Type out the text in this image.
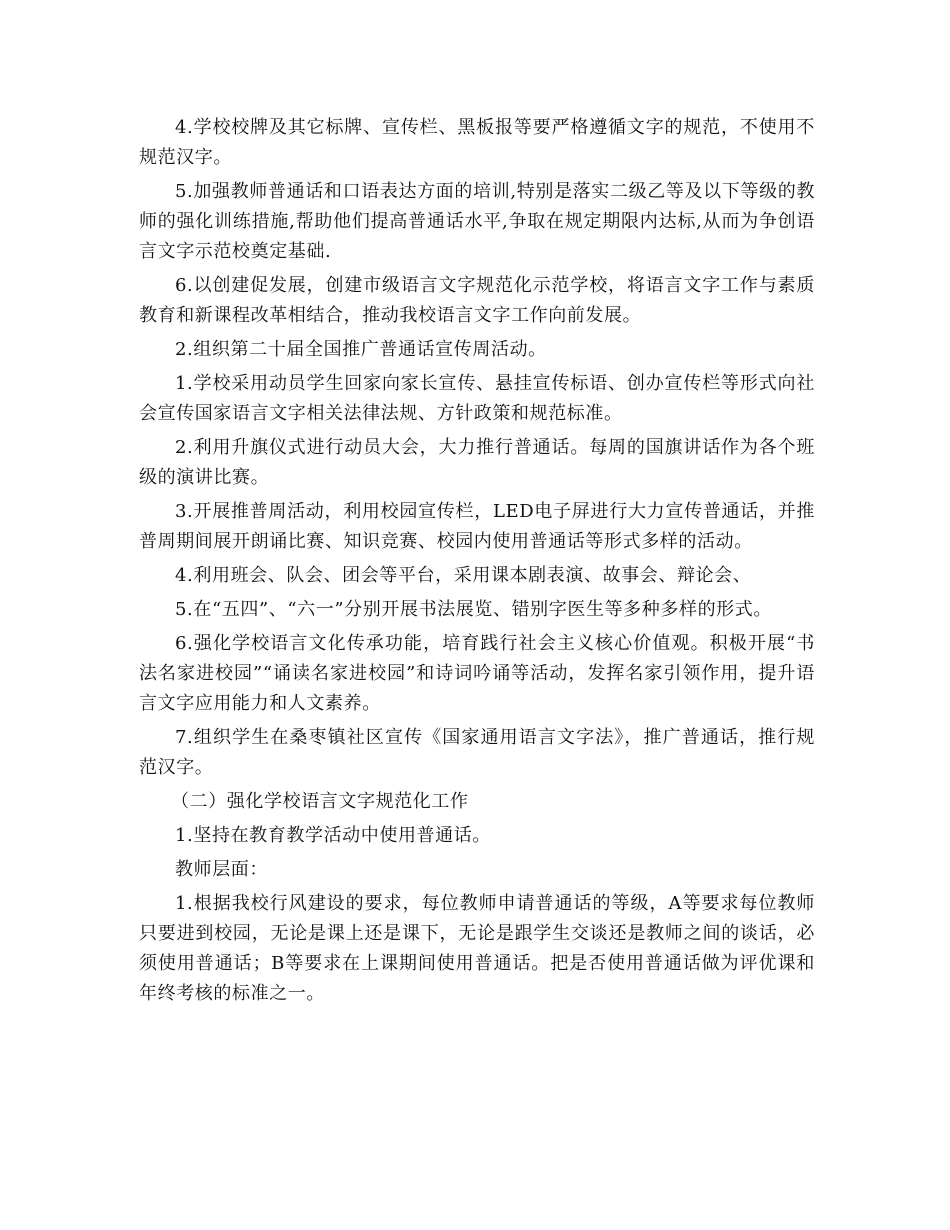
4.学校校牌及其它标牌、宣传栏、黑板报等要严格遵循文字的规范，不使用不规范汉字。

5.加强教师普通话和口语表达方面的培训,特别是落实二级乙等及以下等级的教师的强化训练措施,帮助他们提高普通话水平,争取在规定期限内达标,从而为争创语言文字示范校奠定基础.

6.以创建促发展，创建市级语言文字规范化示范学校，将语言文字工作与素质教育和新课程改革相结合，推动我校语言文字工作向前发展。

2.组织第二十届全国推广普通话宣传周活动。

1.学校采用动员学生回家向家长宣传、悬挂宣传标语、创办宣传栏等形式向社会宣传国家语言文字相关法律法规、方针政策和规范标准。

2.利用升旗仪式进行动员大会，大力推行普通话。每周的国旗讲话作为各个班级的演讲比赛。

3.开展推普周活动，利用校园宣传栏，LED电子屏进行大力宣传普通话，并推普周期间展开朗诵比赛、知识竞赛、校园内使用普通话等形式多样的活动。

4.利用班会、队会、团会等平台，采用课本剧表演、故事会、辩论会、

5.在“五四”、“六一”分别开展书法展览、错别字医生等多种多样的形式。

6.强化学校语言文化传承功能，培育践行社会主义核心价值观。积极开展“书法名家进校园”“诵读名家进校园”和诗词吟诵等活动，发挥名家引领作用，提升语言文字应用能力和人文素养。

7.组织学生在桑枣镇社区宣传《国家通用语言文字法》，推广普通话，推行规范汉字。

（二）强化学校语言文字规范化工作

1.坚持在教育教学活动中使用普通话。

教师层面：

1.根据我校行风建设的要求，每位教师申请普通话的等级，A等要求每位教师只要进到校园，无论是课上还是课下，无论是跟学生交谈还是教师之间的谈话，必须使用普通话；B等要求在上课期间使用普通话。把是否使用普通话做为评优课和年终考核的标准之一。
